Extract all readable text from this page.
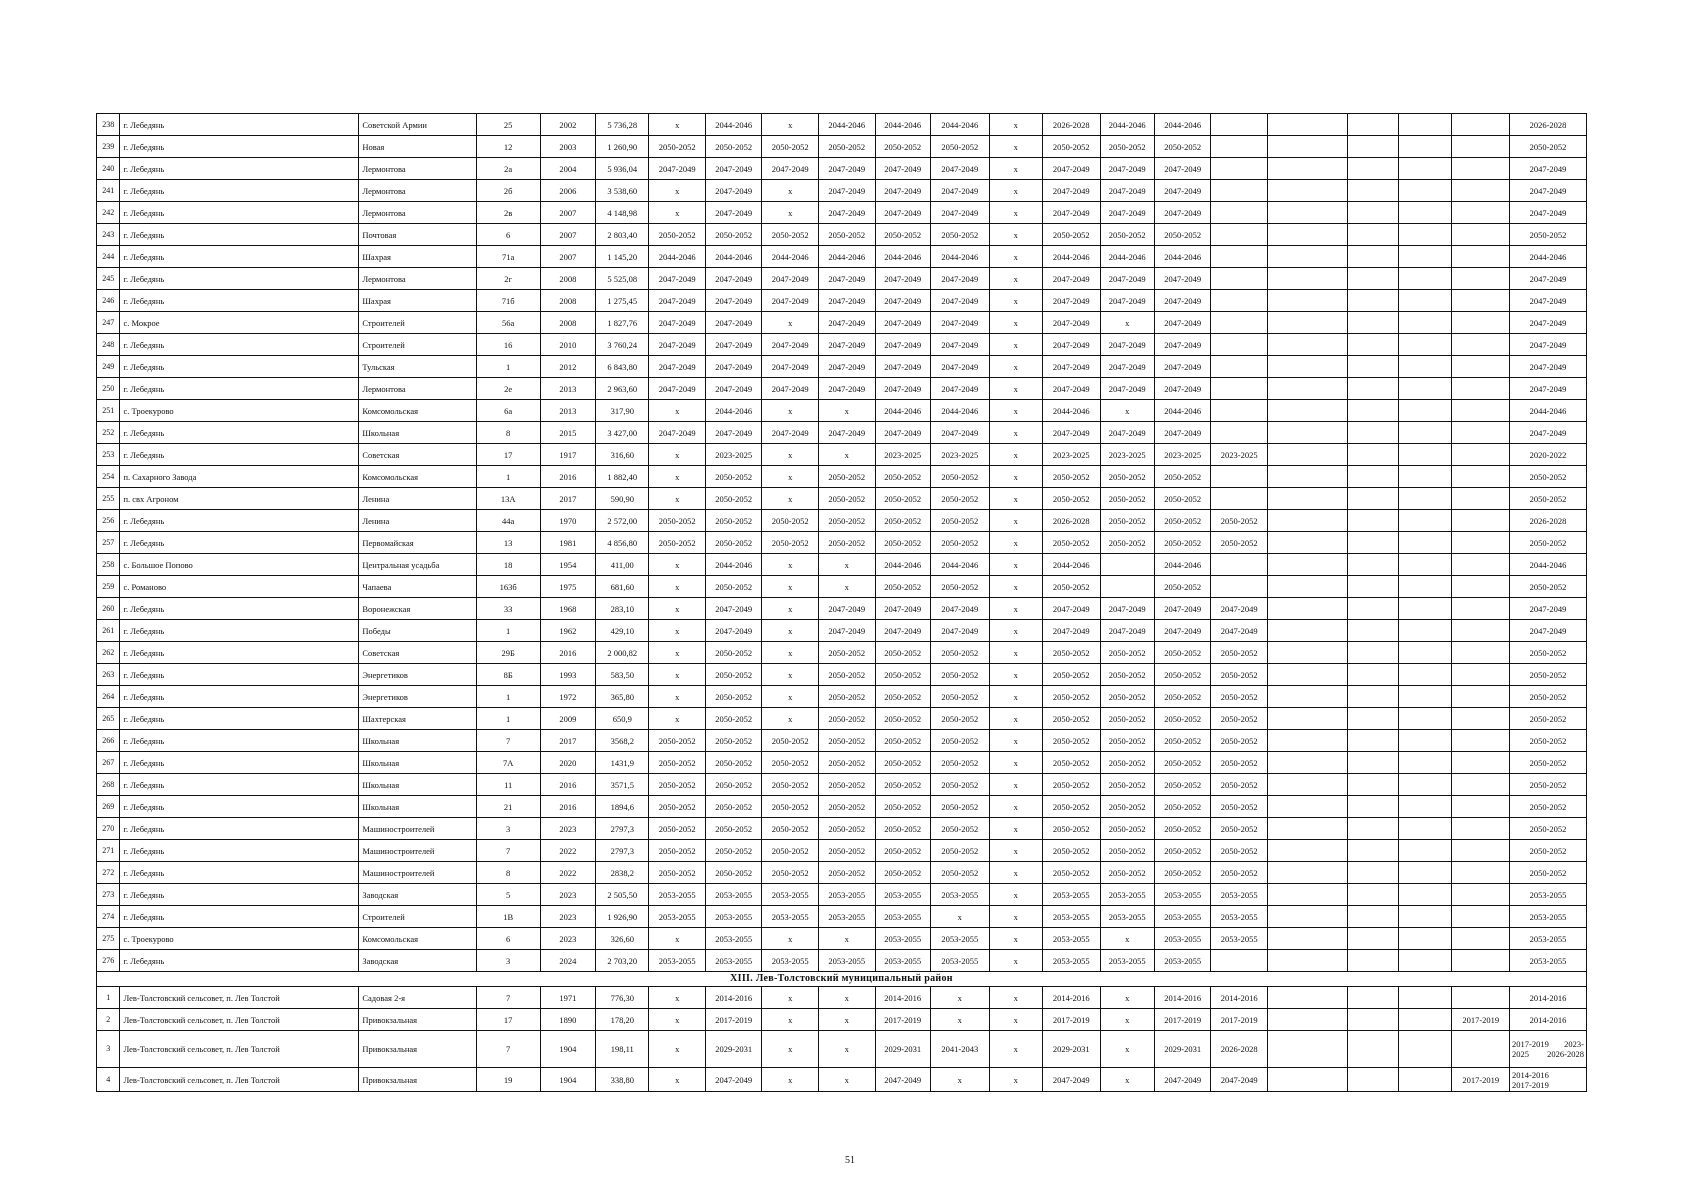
238	г. Лебедянь	Советской Армии	25	2002	5 736,28	x	2044-2046	x	2044-2046	2044-2046	2044-2046	x	2026-2028	2044-2046	2044-2046						2026-2028
239	г. Лебедянь	Новая	12	2003	1 260,90	2050-2052	2050-2052	2050-2052	2050-2052	2050-2052	2050-2052	x	2050-2052	2050-2052	2050-2052						2050-2052
240	г. Лебедянь	Лермонтова	2а	2004	5 936,04	2047-2049	2047-2049	2047-2049	2047-2049	2047-2049	2047-2049	x	2047-2049	2047-2049	2047-2049						2047-2049
241	г. Лебедянь	Лермонтова	2б	2006	3 538,60	x	2047-2049	x	2047-2049	2047-2049	2047-2049	x	2047-2049	2047-2049	2047-2049						2047-2049
242	г. Лебедянь	Лермонтова	2в	2007	4 148,98	x	2047-2049	x	2047-2049	2047-2049	2047-2049	x	2047-2049	2047-2049	2047-2049						2047-2049
243	г. Лебедянь	Почтовая	6	2007	2 803,40	2050-2052	2050-2052	2050-2052	2050-2052	2050-2052	2050-2052	x	2050-2052	2050-2052	2050-2052						2050-2052
244	г. Лебедянь	Шахрая	71а	2007	1 145,20	2044-2046	2044-2046	2044-2046	2044-2046	2044-2046	2044-2046	x	2044-2046	2044-2046	2044-2046						2044-2046
245	г. Лебедянь	Лермонтова	2г	2008	5 525,08	2047-2049	2047-2049	2047-2049	2047-2049	2047-2049	2047-2049	x	2047-2049	2047-2049	2047-2049						2047-2049
246	г. Лебедянь	Шахрая	71б	2008	1 275,45	2047-2049	2047-2049	2047-2049	2047-2049	2047-2049	2047-2049	x	2047-2049	2047-2049	2047-2049						2047-2049
247	с. Мокрое	Строителей	56а	2008	1 827,76	2047-2049	2047-2049	x	2047-2049	2047-2049	2047-2049	x	2047-2049	x	2047-2049						2047-2049
248	г. Лебедянь	Строителей	16	2010	3 760,24	2047-2049	2047-2049	2047-2049	2047-2049	2047-2049	2047-2049	x	2047-2049	2047-2049	2047-2049						2047-2049
249	г. Лебедянь	Тульская	1	2012	6 843,80	2047-2049	2047-2049	2047-2049	2047-2049	2047-2049	2047-2049	x	2047-2049	2047-2049	2047-2049						2047-2049
250	г. Лебедянь	Лермонтова	2е	2013	2 963,60	2047-2049	2047-2049	2047-2049	2047-2049	2047-2049	2047-2049	x	2047-2049	2047-2049	2047-2049						2047-2049
251	с. Троекурово	Комсомольская	6а	2013	317,90	x	2044-2046	x	x	2044-2046	2044-2046	x	2044-2046	x	2044-2046						2044-2046
252	г. Лебедянь	Школьная	8	2015	3 427,00	2047-2049	2047-2049	2047-2049	2047-2049	2047-2049	2047-2049	x	2047-2049	2047-2049	2047-2049						2047-2049
253	г. Лебедянь	Советская	17	1917	316,60	x	2023-2025	x	x	2023-2025	2023-2025	x	2023-2025	2023-2025	2023-2025	2023-2025					2020-2022
254	п. Сахарного Завода	Комсомольская	1	2016	1 882,40	x	2050-2052	x	2050-2052	2050-2052	2050-2052	x	2050-2052	2050-2052	2050-2052						2050-2052
255	п. свх Агроном	Ленина	13А	2017	590,90	x	2050-2052	x	2050-2052	2050-2052	2050-2052	x	2050-2052	2050-2052	2050-2052						2050-2052
256	г. Лебедянь	Ленина	44а	1970	2 572,00	2050-2052	2050-2052	2050-2052	2050-2052	2050-2052	2050-2052	x	2026-2028	2050-2052	2050-2052	2050-2052					2026-2028
257	г. Лебедянь	Первомайская	13	1981	4 856,80	2050-2052	2050-2052	2050-2052	2050-2052	2050-2052	2050-2052	x	2050-2052	2050-2052	2050-2052	2050-2052					2050-2052
258	с. Большое Попово	Центральная усадьба	18	1954	411,00	x	2044-2046	x	x	2044-2046	2044-2046	x	2044-2046		2044-2046						2044-2046
259	с. Романово	Чапаева	163б	1975	681,60	x	2050-2052	x	x	2050-2052	2050-2052	x	2050-2052		2050-2052						2050-2052
260	г. Лебедянь	Воронежская	33	1968	283,10	x	2047-2049	x	2047-2049	2047-2049	2047-2049	x	2047-2049	2047-2049	2047-2049	2047-2049					2047-2049
261	г. Лебедянь	Победы	1	1962	429,10	x	2047-2049	x	2047-2049	2047-2049	2047-2049	x	2047-2049	2047-2049	2047-2049	2047-2049					2047-2049
262	г. Лебедянь	Советская	29Б	2016	2 000,82	x	2050-2052	x	2050-2052	2050-2052	2050-2052	x	2050-2052	2050-2052	2050-2052	2050-2052					2050-2052
263	г. Лебедянь	Энергетиков	8Б	1993	583,50	x	2050-2052	x	2050-2052	2050-2052	2050-2052	x	2050-2052	2050-2052	2050-2052	2050-2052					2050-2052
264	г. Лебедянь	Энергетиков	1	1972	365,80	x	2050-2052	x	2050-2052	2050-2052	2050-2052	x	2050-2052	2050-2052	2050-2052	2050-2052					2050-2052
265	г. Лебедянь	Шахтерская	1	2009	650,9	x	2050-2052	x	2050-2052	2050-2052	2050-2052	x	2050-2052	2050-2052	2050-2052	2050-2052					2050-2052
266	г. Лебедянь	Школьная	7	2017	3568,2	2050-2052	2050-2052	2050-2052	2050-2052	2050-2052	2050-2052	x	2050-2052	2050-2052	2050-2052	2050-2052					2050-2052
267	г. Лебедянь	Школьная	7А	2020	1431,9	2050-2052	2050-2052	2050-2052	2050-2052	2050-2052	2050-2052	x	2050-2052	2050-2052	2050-2052	2050-2052					2050-2052
268	г. Лебедянь	Школьная	11	2016	3571,5	2050-2052	2050-2052	2050-2052	2050-2052	2050-2052	2050-2052	x	2050-2052	2050-2052	2050-2052	2050-2052					2050-2052
269	г. Лебедянь	Школьная	21	2016	1894,6	2050-2052	2050-2052	2050-2052	2050-2052	2050-2052	2050-2052	x	2050-2052	2050-2052	2050-2052	2050-2052					2050-2052
270	г. Лебедянь	Машиностроителей	3	2023	2797,3	2050-2052	2050-2052	2050-2052	2050-2052	2050-2052	2050-2052	x	2050-2052	2050-2052	2050-2052	2050-2052					2050-2052
271	г. Лебедянь	Машиностроителей	7	2022	2797,3	2050-2052	2050-2052	2050-2052	2050-2052	2050-2052	2050-2052	x	2050-2052	2050-2052	2050-2052	2050-2052					2050-2052
272	г. Лебедянь	Машиностроителей	8	2022	2838,2	2050-2052	2050-2052	2050-2052	2050-2052	2050-2052	2050-2052	x	2050-2052	2050-2052	2050-2052	2050-2052					2050-2052
273	г. Лебедянь	Заводская	5	2023	2 505,50	2053-2055	2053-2055	2053-2055	2053-2055	2053-2055	2053-2055	x	2053-2055	2053-2055	2053-2055	2053-2055					2053-2055
274	г. Лебедянь	Строителей	1В	2023	1 926,90	2053-2055	2053-2055	2053-2055	2053-2055	2053-2055	x	x	2053-2055	2053-2055	2053-2055	2053-2055					2053-2055
275	с. Троекурово	Комсомольская	6	2023	326,60	x	2053-2055	x	x	2053-2055	2053-2055	x	2053-2055	x	2053-2055	2053-2055					2053-2055
276	г. Лебедянь	Заводская	3	2024	2 703,20	2053-2055	2053-2055	2053-2055	2053-2055	2053-2055	2053-2055	x	2053-2055	2053-2055	2053-2055						2053-2055
XIII. Лев-Толстовский муниципальный район																					
1	Лев-Толстовский сельсовет, п. Лев Толстой	Садовая 2-я	7	1971	776,30	x	2014-2016	x	x	2014-2016	x	x	2014-2016	x	2014-2016	2014-2016					2014-2016
2	Лев-Толстовский сельсовет, п. Лев Толстой	Привокзальная	17	1890	178,20	x	2017-2019	x	x	2017-2019	x	x	2017-2019	x	2017-2019	2017-2019				2017-2019	2014-2016
3	Лев-Толстовский сельсовет, п. Лев Толстой	Привокзальная	7	1904	198,11	x	2029-2031	x	x	2029-2031	2041-2043	x	2029-2031	x	2029-2031	2026-2028					2017-2019 2023-
2025 2026-2028

4	Лев-Толстовский сельсовет, п. Лев Толстой	Привокзальная	19	1904	338,80	x	2047-2049	x	x	2047-2049	x	x	2047-2049	x	2047-2049	2047-2049				2017-2019	2014-2016
2017-2019
51
